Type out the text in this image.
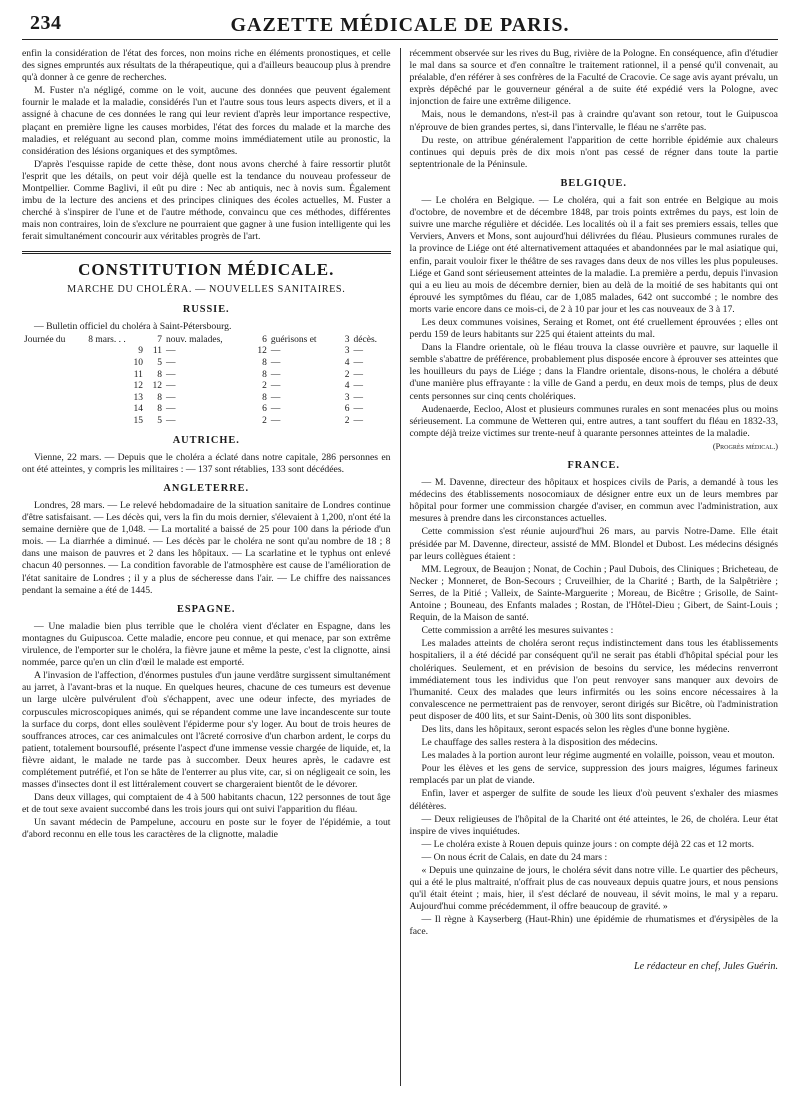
234	GAZETTE MÉDICALE DE PARIS.

enfin la considération de l'état des forces, non moins riche en éléments pronostiques, et celle des signes empruntés aux résultats de la thérapeutique, qui a d'ailleurs beaucoup plus à prendre qu'à donner à ce genre de recherches.

M. Fuster n'a négligé, comme on le voit, aucune des données que peuvent également fournir le malade et la maladie, considérés l'un et l'autre sous tous leurs aspects divers, et il a assigné à chacune de ces données le rang qui leur revient d'après leur importance respective, plaçant en première ligne les causes morbides, l'état des forces du malade et la marche des maladies, et reléguant au second plan, comme moins immédiatement utile au pronostic, la considération des lésions organiques et des symptômes.

D'après l'esquisse rapide de cette thèse, dont nous avons cherché à faire ressortir plutôt l'esprit que les détails, on peut voir déjà quelle est la tendance du nouveau professeur de Montpellier. Comme Baglivi, il eût pu dire : Nec ab antiquis, nec à novis sum. Également imbu de la lecture des anciens et des principes cliniques des écoles actuelles, M. Fuster a cherché à s'inspirer de l'une et de l'autre méthode, convaincu que ces méthodes, différentes mais non contraires, loin de s'exclure ne pourraient que gagner à une fusion intelligente qui les ferait simultanément concourir aux véritables progrès de l'art.

CONSTITUTION MÉDICALE.
MARCHE DU CHOLÉRA. — NOUVELLES SANITAIRES.
RUSSIE.

— Bulletin officiel du choléra à Saint-Pétersbourg.

Journée du	8 mars. . .	7	nouv. malades,	6	guérisons et	3	décès.
	9	11	—	12	—	3	—
	10	5	—	8	—	4	—
	11	8	—	8	—	2	—
	12	12	—	2	—	4	—
	13	8	—	8	—	3	—
	14	8	—	6	—	6	—
	15	5	—	2	—	2	—
AUTRICHE.

Vienne, 22 mars. — Depuis que le choléra a éclaté dans notre capitale, 286 personnes en ont été atteintes, y compris les militaires : — 137 sont rétablies, 133 sont décédées.

ANGLETERRE.

Londres, 28 mars. — Le relevé hebdomadaire de la situation sanitaire de Londres continue d'être satisfaisant. — Les décès qui, vers la fin du mois dernier, s'élevaient à 1,200, n'ont été la semaine dernière que de 1,048. — La mortalité a baissé de 25 pour 100 dans la période d'un mois. — La diarrhée a diminué. — Les décès par le choléra ne sont qu'au nombre de 18 ; 8 dans une maison de pauvres et 2 dans les hôpitaux. — La scarlatine et le typhus ont enlevé chacun 40 personnes. — La condition favorable de l'atmosphère est cause de l'amélioration de l'état sanitaire de Londres ; il y a plus de sécheresse dans l'air. — Le chiffre des naissances pendant la semaine a été de 1445.

ESPAGNE.

— Une maladie bien plus terrible que le choléra vient d'éclater en Espagne, dans les montagnes du Guipuscoa. Cette maladie, encore peu connue, et qui menace, par son extrême virulence, de l'emporter sur le choléra, la fièvre jaune et même la peste, c'est la clignotte, ainsi nommée, parce qu'en un clin d'œil le malade est emporté.

A l'invasion de l'affection, d'énormes pustules d'un jaune verdâtre surgissent simultanément au jarret, à l'avant-bras et la nuque. En quelques heures, chacune de ces tumeurs est devenue un large ulcère pulvérulent d'où s'échappent, avec une odeur infecte, des myriades de corpuscules microscopiques animés, qui se répandent comme une lave incandescente sur toute la surface du corps, dont elles soulèvent l'épiderme pour s'y loger. Au bout de trois heures de souffrances atroces, car ces animalcules ont l'âcreté corrosive d'un charbon ardent, le corps du patient, totalement boursouflé, présente l'aspect d'une immense vessie chargée de liquide, et, la fièvre aidant, le malade ne tarde pas à succomber. Deux heures après, le cadavre est complétement putréfié, et l'on se hâte de l'enterrer au plus vite, car, si on négligeait ce soin, les masses d'insectes dont il est littéralement couvert se chargeraient bientôt de le dévorer.

Dans deux villages, qui comptaient de 4 à 500 habitants chacun, 122 personnes de tout âge et de tout sexe avaient succombé dans les trois jours qui ont suivi l'apparition du fléau.

Un savant médecin de Pampelune, accouru en poste sur le foyer de l'épidémie, a tout d'abord reconnu en elle tous les caractères de la clignotte, maladie

récemment observée sur les rives du Bug, rivière de la Pologne. En conséquence, afin d'étudier le mal dans sa source et d'en connaître le traitement rationnel, il a pensé qu'il convenait, au préalable, d'en référer à ses confrères de la Faculté de Cracovie. Ce sage avis ayant prévalu, un exprès dépêché par le gouverneur général a de suite été expédié vers la Pologne, avec injonction de faire une extrême diligence.

Mais, nous le demandons, n'est-il pas à craindre qu'avant son retour, tout le Guipuscoa n'éprouve de bien grandes pertes, si, dans l'intervalle, le fléau ne s'arrête pas.

Du reste, on attribue généralement l'apparition de cette horrible épidémie aux chaleurs continues qui depuis près de dix mois n'ont pas cessé de régner dans toute la partie septentrionale de la Péninsule.

BELGIQUE.

— Le choléra en Belgique. — Le choléra, qui a fait son entrée en Belgique au mois d'octobre, de novembre et de décembre 1848, par trois points extrêmes du pays, est loin de suivre une marche régulière et décidée. Les localités où il a fait ses premiers essais, telles que Verviers, Anvers et Mons, sont aujourd'hui délivrées du fléau. Plusieurs communes rurales de la province de Liége ont été alternativement attaquées et abandonnées par le mal asiatique qui, enfin, parait vouloir fixer le théâtre de ses ravages dans deux de nos villes les plus populeuses. Liége et Gand sont sérieusement atteintes de la maladie. La première a perdu, depuis l'invasion qui a eu lieu au mois de décembre dernier, bien au delà de la moitié de ses habitants qui ont éprouvé les symptômes du fléau, car de 1,085 malades, 642 ont succombé ; le nombre des morts varie encore dans ce mois-ci, de 2 à 10 par jour et les cas nouveaux de 3 à 17.

Les deux communes voisines, Seraing et Romet, ont été cruellement éprouvées ; elles ont perdu 159 de leurs habitants sur 225 qui étaient atteints du mal.

Dans la Flandre orientale, où le fléau trouva la classe ouvrière et pauvre, sur laquelle il semble s'abattre de préférence, probablement plus disposée encore à éprouver ses atteintes que les houilleurs du pays de Liége ; dans la Flandre orientale, disons-nous, le choléra a débuté d'une manière plus effrayante : la ville de Gand a perdu, en deux mois de temps, plus de deux cents personnes sur cinq cents cholériques.

Audenaerde, Eecloo, Alost et plusieurs communes rurales en sont menacées plus ou moins sérieusement. La commune de Wetteren qui, entre autres, a tant souffert du fléau en 1832-33, compte déjà treize victimes sur trente-neuf à quarante personnes atteintes de la maladie.

(Progrès médical.)
FRANCE.

— M. Davenne, directeur des hôpitaux et hospices civils de Paris, a demandé à tous les médecins des établissements nosocomiaux de désigner entre eux un de leurs membres par hôpital pour former une commission chargée d'aviser, en commun avec l'administration, aux mesures à prendre dans les circonstances actuelles.

Cette commission s'est réunie aujourd'hui 26 mars, au parvis Notre-Dame. Elle était présidée par M. Davenne, directeur, assisté de MM. Blondel et Dubost. Les médecins désignés par leurs collègues étaient :

MM. Legroux, de Beaujon ; Nonat, de Cochin ; Paul Dubois, des Cliniques ; Bricheteau, de Necker ; Monneret, de Bon-Secours ; Cruveilhier, de la Charité ; Barth, de la Salpêtrière ; Serres, de la Pitié ; Valleix, de Sainte-Marguerite ; Moreau, de Bicêtre ; Grisolle, de Saint-Antoine ; Bouneau, des Enfants malades ; Rostan, de l'Hôtel-Dieu ; Gibert, de Saint-Louis ; Requin, de la Maison de santé.

Cette commission a arrêté les mesures suivantes :

Les malades atteints de choléra seront reçus indistinctement dans tous les établissements hospitaliers, il a été décidé par conséquent qu'il ne serait pas établi d'hôpital spécial pour les cholériques. Seulement, et en prévision de besoins du service, les médecins renverront immédiatement tous les individus que l'on peut renvoyer sans manquer aux devoirs de l'humanité. Ceux des malades que leurs infirmités ou les soins encore nécessaires à la convalescence ne permettraient pas de renvoyer, seront dirigés sur Bicêtre, où l'administration peut disposer de 400 lits, et sur Saint-Denis, où 300 lits sont disponibles.

Des lits, dans les hôpitaux, seront espacés selon les règles d'une bonne hygiène.

Le chauffage des salles restera à la disposition des médecins.

Les malades à la portion auront leur régime augmenté en volaille, poisson, veau et mouton.

Pour les élèves et les gens de service, suppression des jours maigres, légumes farineux remplacés par un plat de viande.

Enfin, laver et asperger de sulfite de soude les lieux d'où peuvent s'exhaler des miasmes délétères.

— Deux religieuses de l'hôpital de la Charité ont été atteintes, le 26, de choléra. Leur état inspire de vives inquiétudes.

— Le choléra existe à Rouen depuis quinze jours : on compte déjà 22 cas et 12 morts.

— On nous écrit de Calais, en date du 24 mars :

« Depuis une quinzaine de jours, le choléra sévit dans notre ville. Le quartier des pêcheurs, qui a été le plus maltraité, n'offrait plus de cas nouveaux depuis quatre jours, et nous pensions qu'il était éteint ; mais, hier, il s'est déclaré de nouveau, il sévit moins, le mal y a reparu. Aujourd'hui comme précédemment, il offre beaucoup de gravité. »

— Il règne à Kayserberg (Haut-Rhin) une épidémie de rhumatismes et d'érysipèles de la face.

Le rédacteur en chef, Jules Guérin.
